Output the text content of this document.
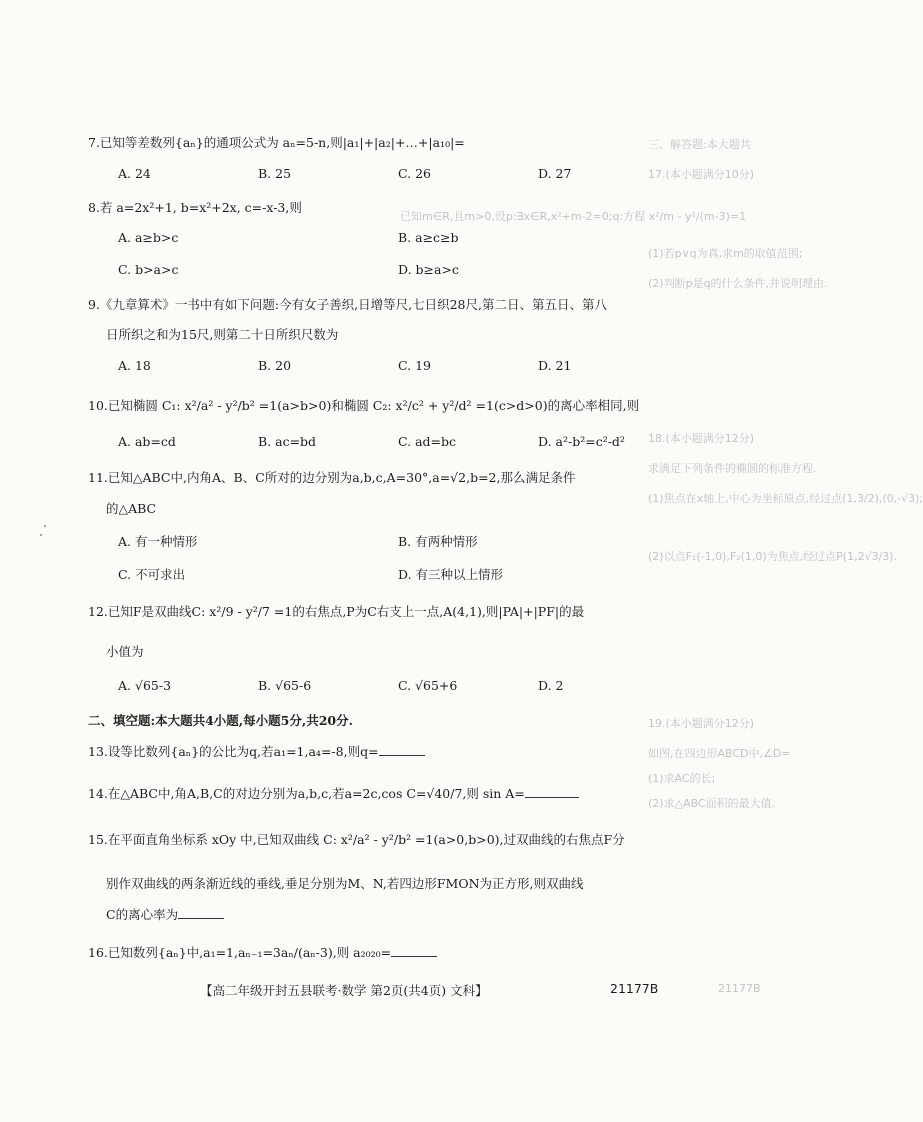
三、解答题:本大题共
17.(本小题满分10分)
已知m∈R,且m>0,设p:∃x∈R,x²+m-2=0;q:方程 x²/m - y²/(m-3)=1
(1)若p∨q为真,求m的取值范围;
(2)判断p是q的什么条件,并说明理由.
18.(本小题满分12分)
求满足下列条件的椭圆的标准方程.
(1)焦点在x轴上,中心为坐标原点,经过点(1,3/2),(0,-√3);
(2)以点F₁(-1,0),F₂(1,0)为焦点,经过点P(1,2√3/3).
19.(本小题满分12分)
如图,在四边形ABCD中,∠D=
(1)求AC的长;
(2)求△ABC面积的最大值.
21177B
7.已知等差数列{aₙ}的通项公式为 aₙ=5-n,则|a₁|+|a₂|+…+|a₁₀|=
A. 24	B. 25	C. 26	D. 27
8.若 a=2x²+1, b=x²+2x, c=-x-3,则
A. a≥b>c	B. a≥c≥b
C. b>a>c	D. b≥a>c
9.《九章算术》一书中有如下问题:今有女子善织,日增等尺,七日织28尺,第二日、第五日、第八
日所织之和为15尺,则第二十日所织尺数为
A. 18	B. 20	C. 19	D. 21
10.已知椭圆 C₁: x²/a² - y²/b² =1(a>b>0)和椭圆 C₂: x²/c² + y²/d² =1(c>d>0)的离心率相同,则
A. ab=cd	B. ac=bd	C. ad=bc	D. a²-b²=c²-d²
11.已知△ABC中,内角A、B、C所对的边分别为a,b,c,A=30°,a=√2,b=2,那么满足条件
的△ABC
A. 有一种情形	B. 有两种情形
C. 不可求出	D. 有三种以上情形
12.已知F是双曲线C: x²/9 - y²/7 =1的右焦点,P为C右支上一点,A(4,1),则|PA|+|PF|的最
小值为
A. √65-3	B. √65-6	C. √65+6	D. 2
二、填空题:本大题共4小题,每小题5分,共20分.
13.设等比数列{aₙ}的公比为q,若a₁=1,a₄=-8,则q=
14.在△ABC中,角A,B,C的对边分别为a,b,c,若a=2c,cos C=√40/7,则 sin A=
15.在平面直角坐标系 xOy 中,已知双曲线 C: x²/a² - y²/b² =1(a>0,b>0),过双曲线的右焦点F分
别作双曲线的两条渐近线的垂线,垂足分别为M、N,若四边形FMON为正方形,则双曲线
C的离心率为
16.已知数列{aₙ}中,a₁=1,aₙ₋₁=3aₙ/(aₙ-3),则 a₂₀₂₀=
【高二年级开封五县联考·数学 第2页(共4页) 文科】	21177B
